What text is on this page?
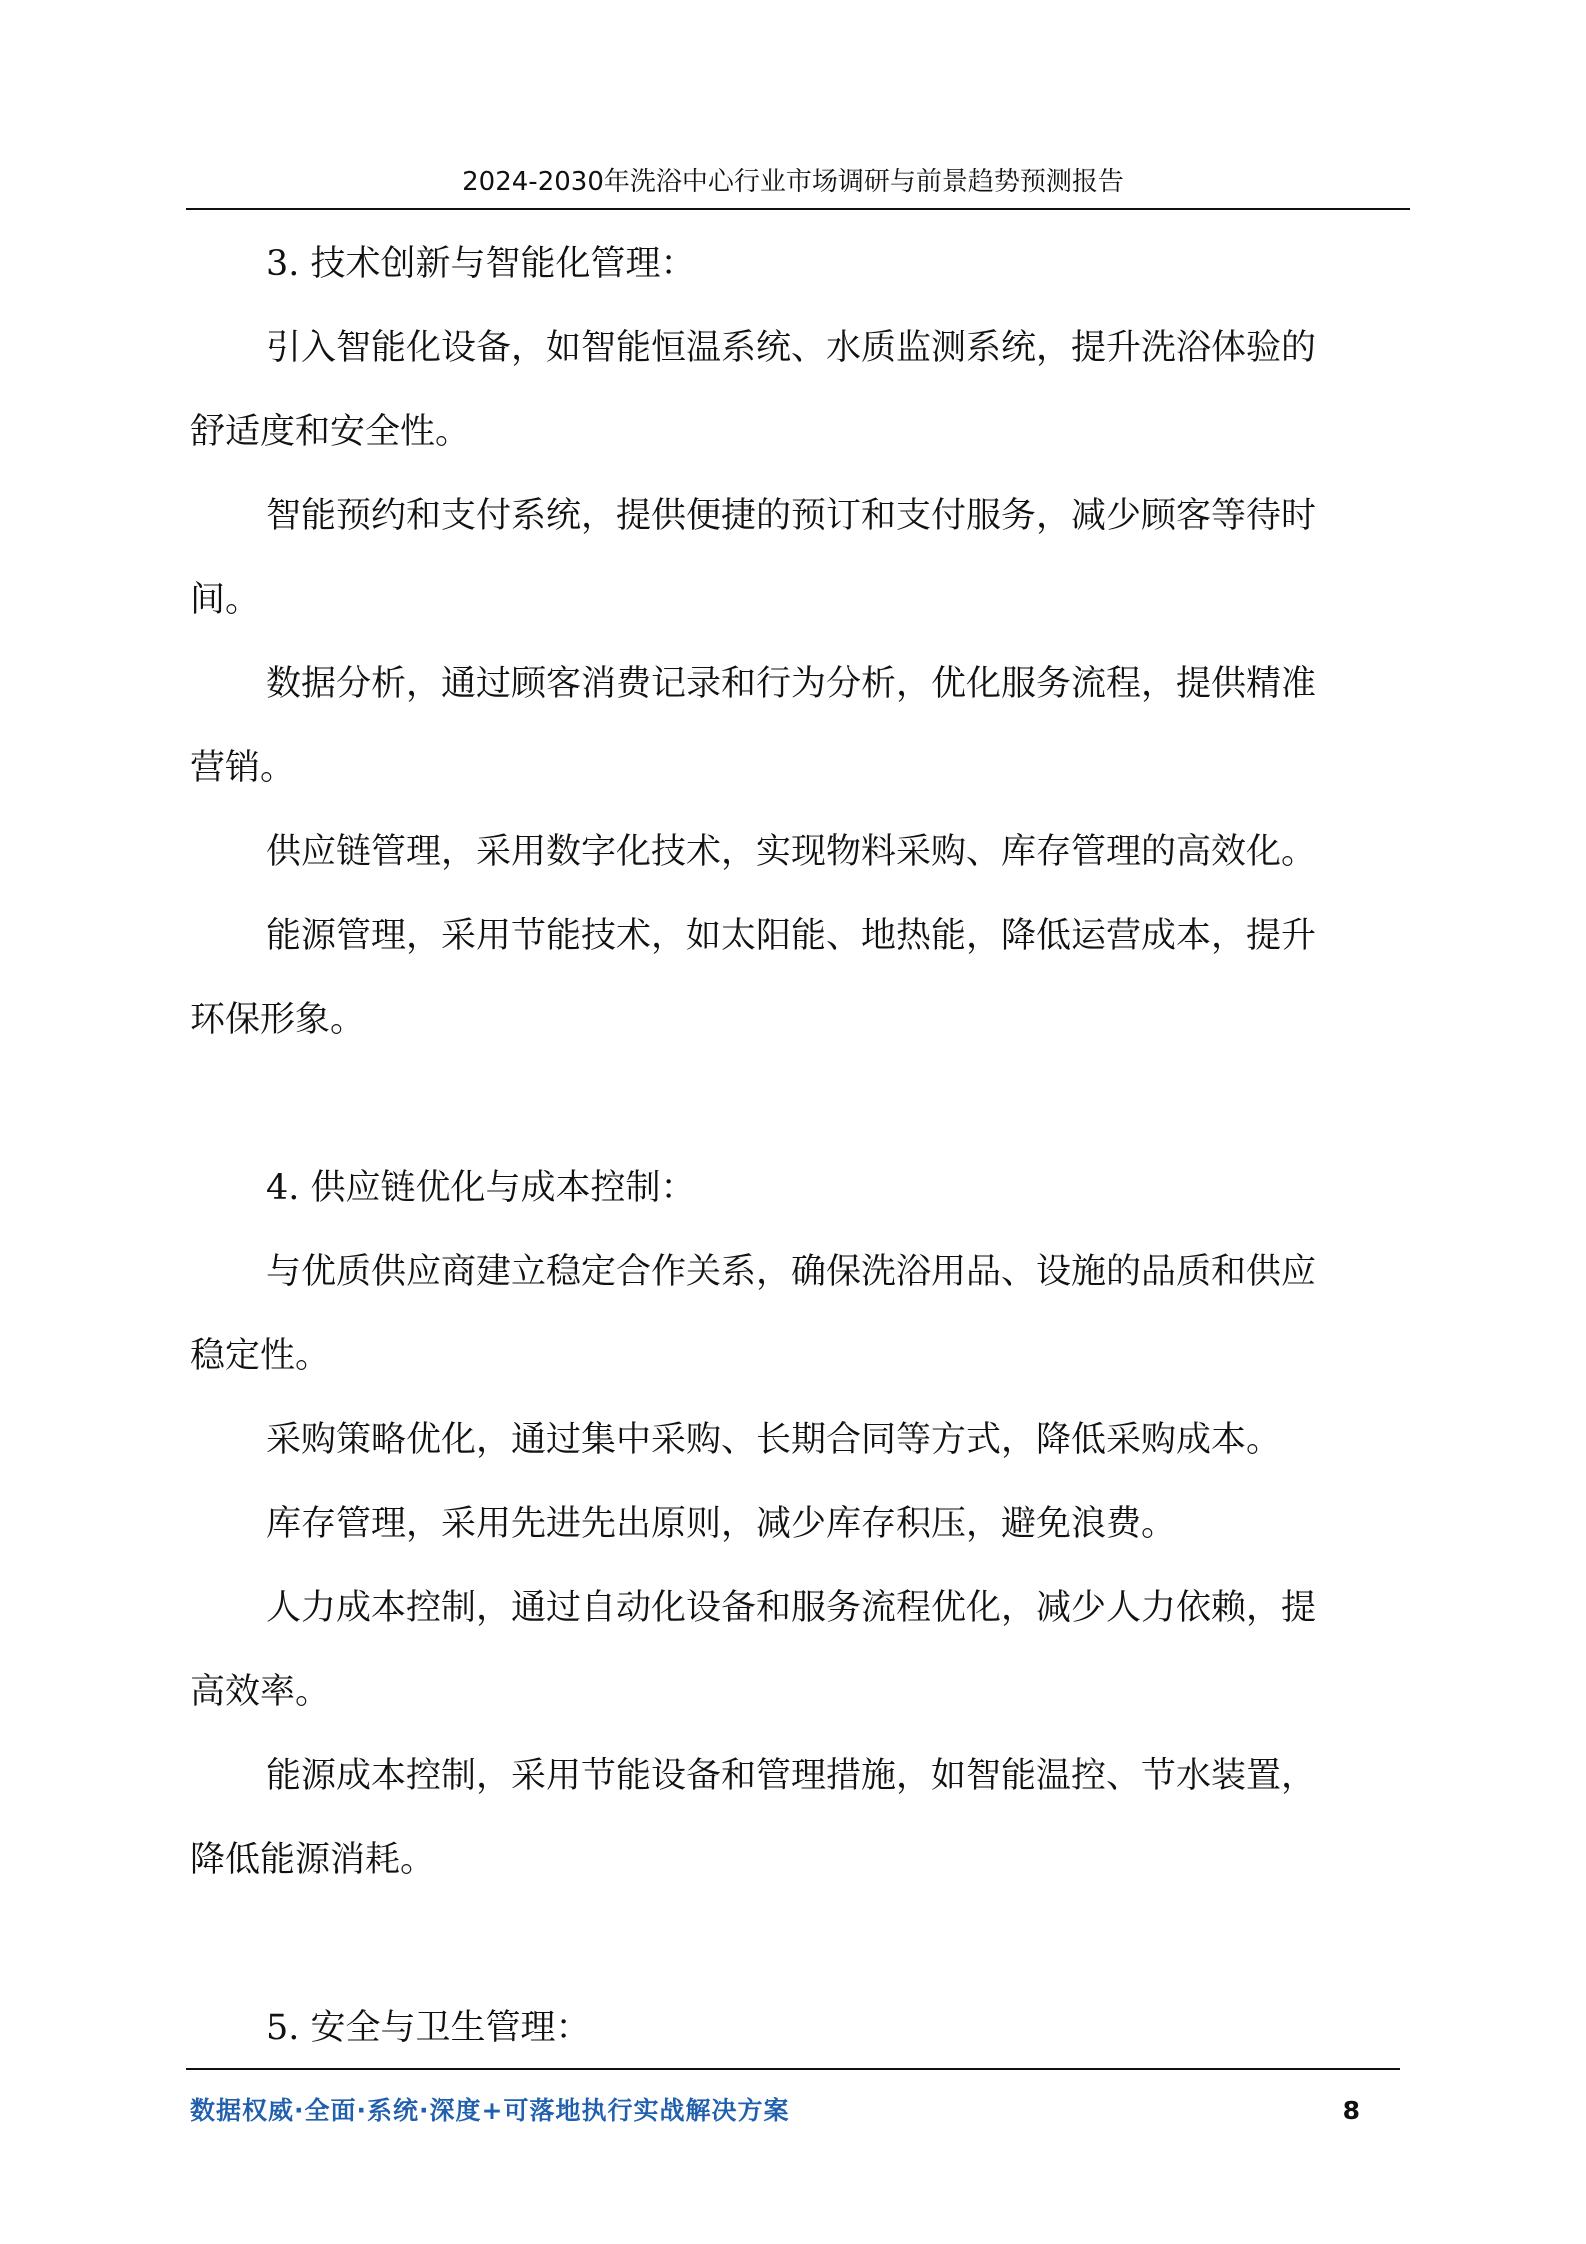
2024-2030年洗浴中心行业市场调研与前景趋势预测报告
3. 技术创新与智能化管理：
引入智能化设备，如智能恒温系统、水质监测系统，提升洗浴体验的
舒适度和安全性。
智能预约和支付系统，提供便捷的预订和支付服务，减少顾客等待时
间。
数据分析，通过顾客消费记录和行为分析，优化服务流程，提供精准
营销。
供应链管理，采用数字化技术，实现物料采购、库存管理的高效化。
能源管理，采用节能技术，如太阳能、地热能，降低运营成本，提升
环保形象。
4. 供应链优化与成本控制：
与优质供应商建立稳定合作关系，确保洗浴用品、设施的品质和供应
稳定性。
采购策略优化，通过集中采购、长期合同等方式，降低采购成本。
库存管理，采用先进先出原则，减少库存积压，避免浪费。
人力成本控制，通过自动化设备和服务流程优化，减少人力依赖，提
高效率。
能源成本控制，采用节能设备和管理措施，如智能温控、节水装置，
降低能源消耗。
5. 安全与卫生管理：
数据权威·全面·系统·深度+可落地执行实战解决方案	8
